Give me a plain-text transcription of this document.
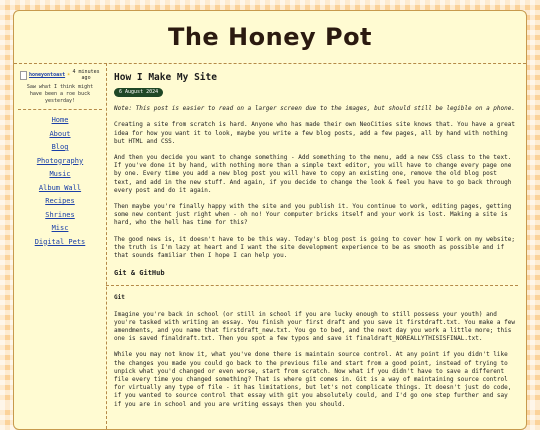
The Honey Pot
honeyontoast ☀ 4 minutes ago
Saw what I think might have been a roe buck yesterday!
Home
About
Blog
Photography
Music
Album Wall
Recipes
Shrines
Misc
Digital Pets
How I Make My Site
6 August 2024

Note: This post is easier to read on a larger screen due to the images, but should still be legible on a phone.

Creating a site from scratch is hard. Anyone who has made their own NeoCities site knows that. You have a great idea for how you want it to look, maybe you write a few blog posts, add a few pages, all by hand with nothing but HTML and CSS.

And then you decide you want to change something - Add something to the menu, add a new CSS class to the text. If you've done it by hand, with nothing more than a simple text editor, you will have to change every page one by one. Every time you add a new blog post you will have to copy an existing one, remove the old blog post text, and add in the new stuff. And again, if you decide to change the look & feel you have to go back through every post and do it again.

Then maybe you're finally happy with the site and you publish it. You continue to work, editing pages, getting some new content just right when - oh no! Your computer bricks itself and your work is lost. Making a site is hard, who the hell has time for this?

The good news is, it doesn't have to be this way. Today's blog post is going to cover how I work on my website; the truth is I'm lazy at heart and I want the site development experience to be as smooth as possible and if that sounds familiar then I hope I can help you.

Git & GitHub
Git

Imagine you're back in school (or still in school if you are lucky enough to still possess your youth) and you're tasked with writing an essay. You finish your first draft and you save it firstdraft.txt. You make a few amendments, and you name that firstdraft_new.txt. You go to bed, and the next day you work a little more; this one is saved finaldraft.txt. Then you spot a few typos and save it finaldraft_NOREALLYTHISISFINAL.txt.

While you may not know it, what you've done there is maintain source control. At any point if you didn't like the changes you made you could go back to the previous file and start from a good point, instead of trying to unpick what you'd changed or even worse, start from scratch. Now what if you didn't have to save a different file every time you changed something? That is where git comes in. Git is a way of maintaining source control for virtually any type of file - it has limitations, but let's not complicate things. It doesn't just do code, if you wanted to source control that essay with git you absolutely could, and I'd go one step further and say if you are in school and you are writing essays then you should.
